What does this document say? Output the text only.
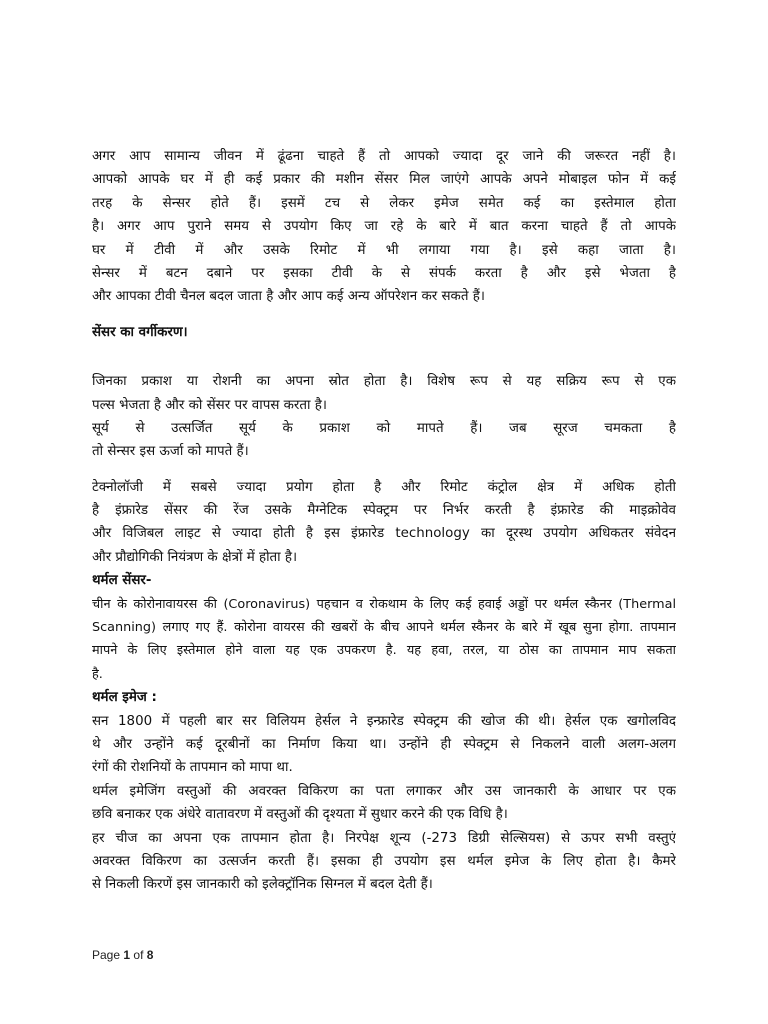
अगर आप सामान्य जीवन में ढूंढना चाहते हैं तो आपको ज्यादा दूर जाने की जरूरत नहीं है।
आपको आपके घर में ही कई प्रकार की मशीन सेंसर मिल जाएंगे आपके अपने मोबाइल फोन में कई
तरह के सेन्सर होते हैं। इसमें टच से लेकर इमेज समेत कई का इस्तेमाल होता
है। अगर आप पुराने समय से उपयोग किए जा रहे के बारे में बात करना चाहते हैं तो आपके
घर में टीवी में और उसके रिमोट में भी लगाया गया है। इसे कहा जाता है।
सेन्सर में बटन दबाने पर इसका टीवी के से संपर्क करता है और इसे भेजता है
और आपका टीवी चैनल बदल जाता है और आप कई अन्य ऑपरेशन कर सकते हैं।
सेंसर का वर्गीकरण।
जिनका प्रकाश या रोशनी का अपना स्रोत होता है। विशेष रूप से यह सक्रिय रूप से एक
पल्स भेजता है और को सेंसर पर वापस करता है।
सूर्य से उत्सर्जित सूर्य के प्रकाश को मापते हैं। जब सूरज चमकता है
तो सेन्सर इस ऊर्जा को मापते हैं।
टेक्नोलॉजी में सबसे ज्यादा प्रयोग होता है और रिमोट कंट्रोल क्षेत्र में अधिक होती
है इंफ्रारेड सेंसर की रेंज उसके मैग्नेटिक स्पेक्ट्रम पर निर्भर करती है इंफ्रारेड की माइक्रोवेव
और विजिबल लाइट से ज्यादा होती है इस इंफ्रारेड technology का दूरस्थ उपयोग अधिकतर संवेदन
और प्रौद्योगिकी नियंत्रण के क्षेत्रों में होता है।
थर्मल सेंसर-
चीन के कोरोनावायरस की (Coronavirus) पहचान व रोकथाम के लिए कई हवाई अड्डों पर थर्मल स्कैनर (Thermal
Scanning) लगाए गए हैं. कोरोना वायरस की खबरों के बीच आपने थर्मल स्कैनर के बारे में खूब सुना होगा. तापमान
मापने के लिए इस्तेमाल होने वाला यह एक उपकरण है. यह हवा, तरल, या ठोस का तापमान माप सकता
है.
थर्मल इमेज :
सन 1800 में पहली बार सर विलियम हेर्सल ने इन्फ्रारेड स्पेक्ट्रम की खोज की थी। हेर्सल एक खगोलविद
थे और उन्होंने कई दूरबीनों का निर्माण किया था। उन्होंने ही स्पेक्ट्रम से निकलने वाली अलग-अलग
रंगों की रोशनियों के तापमान को मापा था.
थर्मल इमेजिंग वस्तुओं की अवरक्त विकिरण का पता लगाकर और उस जानकारी के आधार पर एक
छवि बनाकर एक अंधेरे वातावरण में वस्तुओं की दृश्यता में सुधार करने की एक विधि है।
हर चीज का अपना एक तापमान होता है। निरपेक्ष शून्य (-273 डिग्री सेल्सियस) से ऊपर सभी वस्तुएं
अवरक्त विकिरण का उत्सर्जन करती हैं। इसका ही उपयोग इस थर्मल इमेज के लिए होता है। कैमरे
से निकली किरणें इस जानकारी को इलेक्ट्रॉनिक सिग्नल में बदल देती हैं।
Page 1 of 8
